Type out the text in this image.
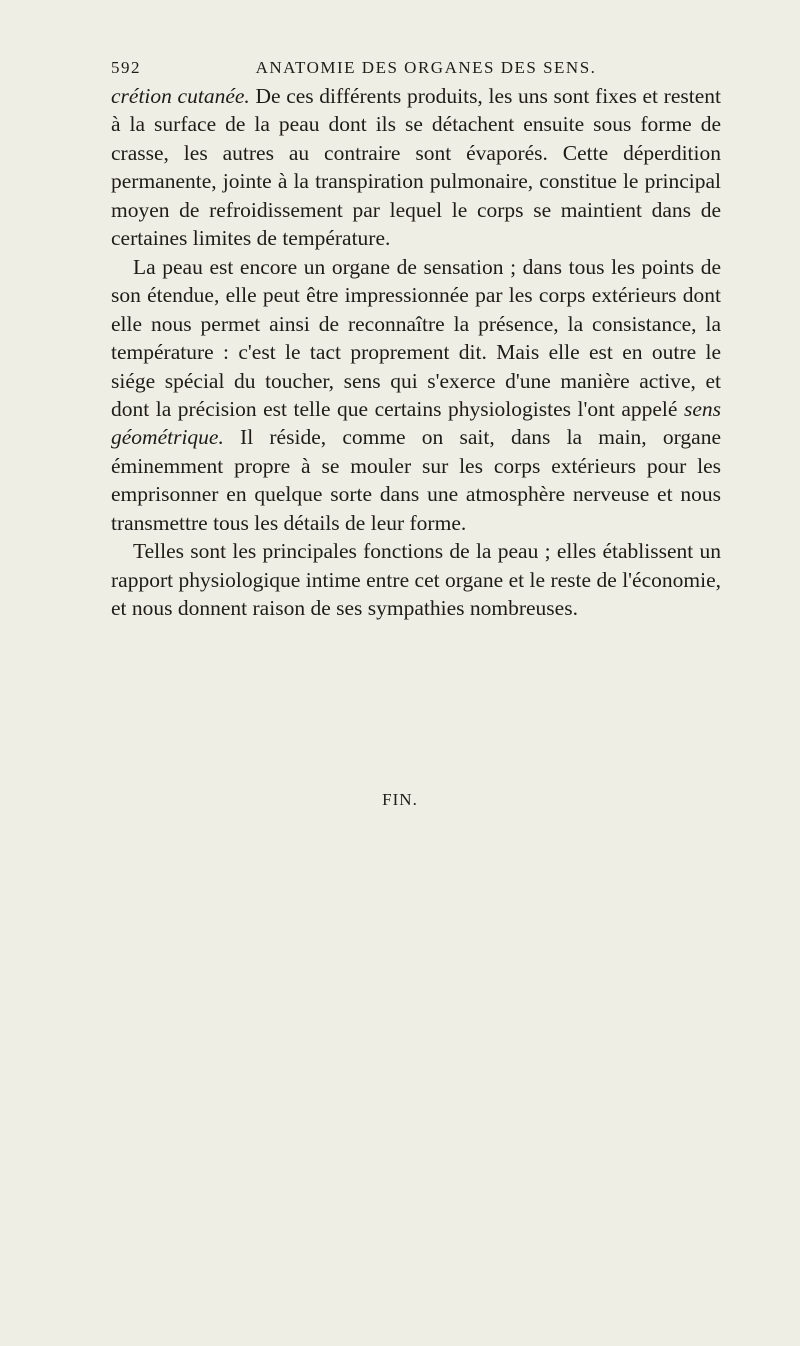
592	ANATOMIE DES ORGANES DES SENS.

crétion cutanée. De ces différents produits, les uns sont fixes et restent à la surface de la peau dont ils se détachent ensuite sous forme de crasse, les autres au contraire sont évaporés. Cette déperdition permanente, jointe à la transpiration pulmonaire, constitue le principal moyen de refroidissement par lequel le corps se maintient dans de certaines limites de température.

La peau est encore un organe de sensation ; dans tous les points de son étendue, elle peut être impressionnée par les corps extérieurs dont elle nous permet ainsi de reconnaître la présence, la consistance, la température : c'est le tact proprement dit. Mais elle est en outre le siége spécial du toucher, sens qui s'exerce d'une manière active, et dont la précision est telle que certains physiologistes l'ont appelé sens géométrique. Il réside, comme on sait, dans la main, organe éminemment propre à se mouler sur les corps extérieurs pour les emprisonner en quelque sorte dans une atmosphère nerveuse et nous transmettre tous les détails de leur forme.

Telles sont les principales fonctions de la peau ; elles établissent un rapport physiologique intime entre cet organe et le reste de l'économie, et nous donnent raison de ses sympathies nombreuses.

FIN.
